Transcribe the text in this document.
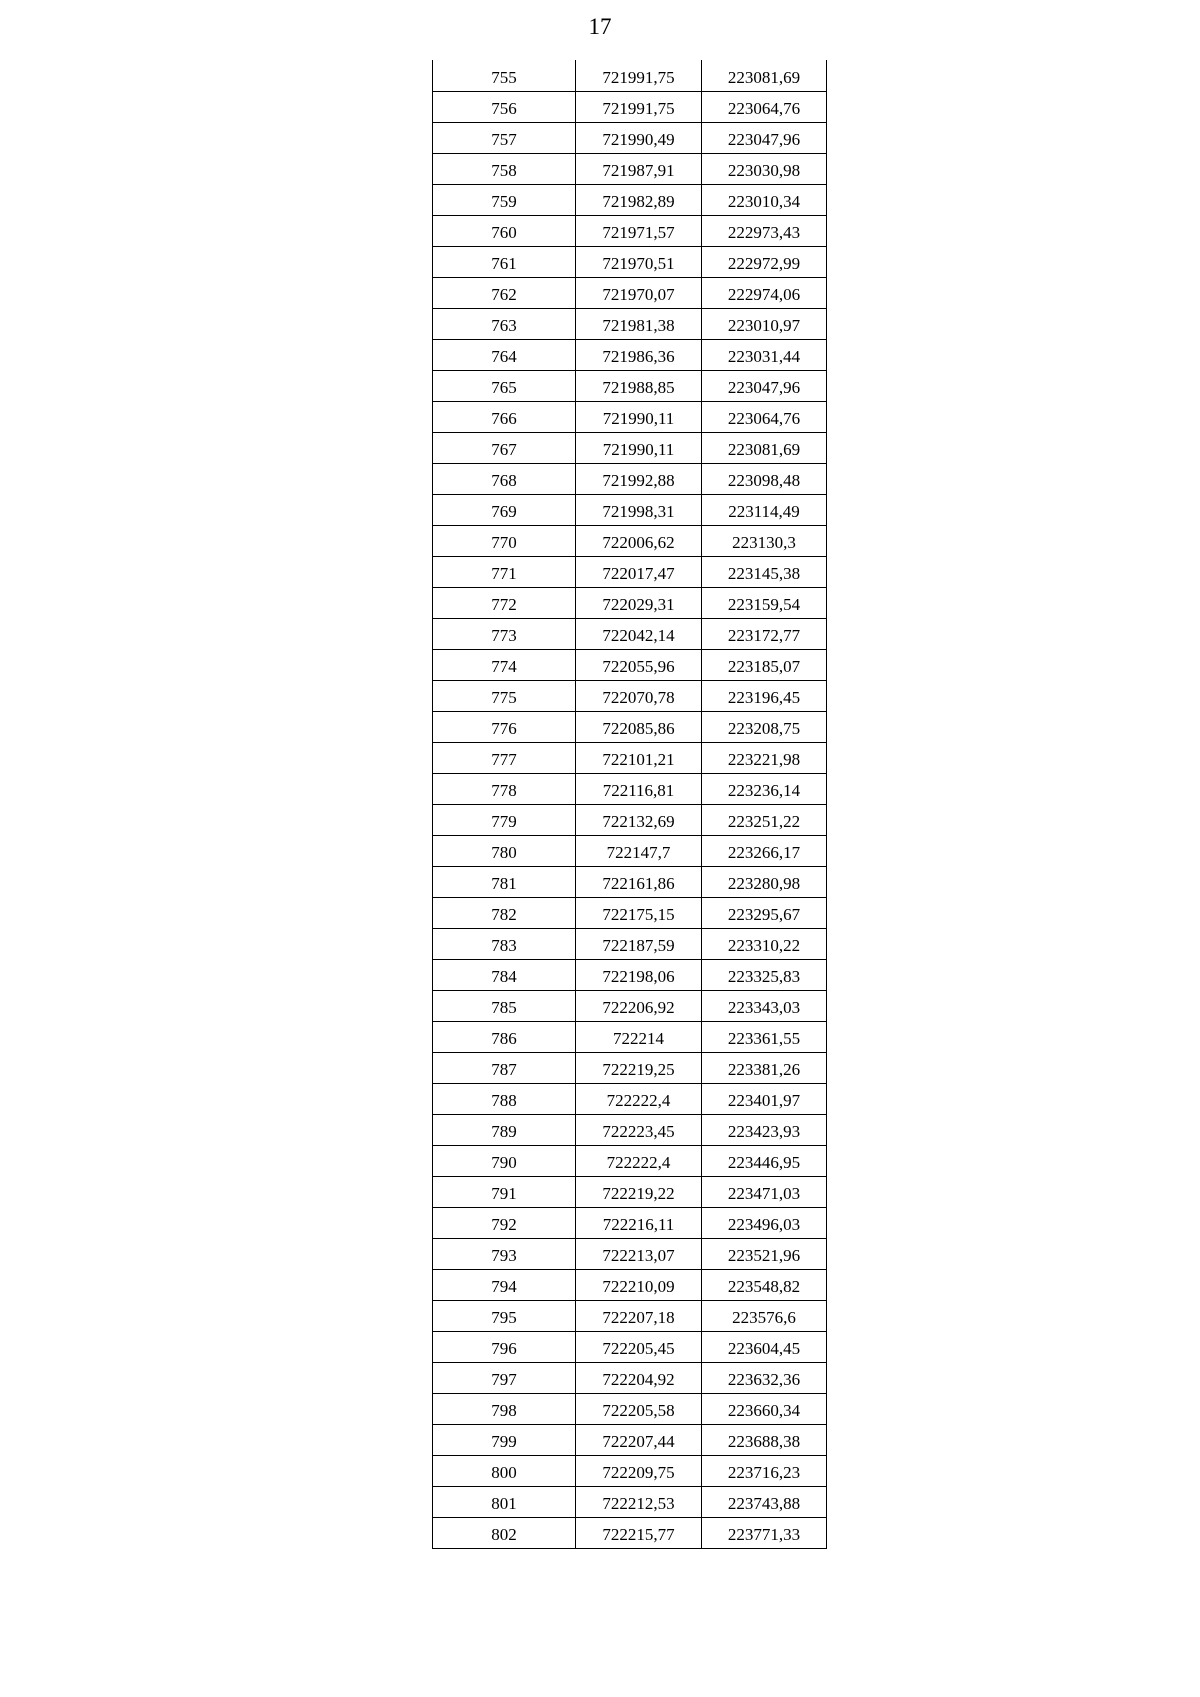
17
755	721991,75	223081,69
756	721991,75	223064,76
757	721990,49	223047,96
758	721987,91	223030,98
759	721982,89	223010,34
760	721971,57	222973,43
761	721970,51	222972,99
762	721970,07	222974,06
763	721981,38	223010,97
764	721986,36	223031,44
765	721988,85	223047,96
766	721990,11	223064,76
767	721990,11	223081,69
768	721992,88	223098,48
769	721998,31	223114,49
770	722006,62	223130,3
771	722017,47	223145,38
772	722029,31	223159,54
773	722042,14	223172,77
774	722055,96	223185,07
775	722070,78	223196,45
776	722085,86	223208,75
777	722101,21	223221,98
778	722116,81	223236,14
779	722132,69	223251,22
780	722147,7	223266,17
781	722161,86	223280,98
782	722175,15	223295,67
783	722187,59	223310,22
784	722198,06	223325,83
785	722206,92	223343,03
786	722214	223361,55
787	722219,25	223381,26
788	722222,4	223401,97
789	722223,45	223423,93
790	722222,4	223446,95
791	722219,22	223471,03
792	722216,11	223496,03
793	722213,07	223521,96
794	722210,09	223548,82
795	722207,18	223576,6
796	722205,45	223604,45
797	722204,92	223632,36
798	722205,58	223660,34
799	722207,44	223688,38
800	722209,75	223716,23
801	722212,53	223743,88
802	722215,77	223771,33
